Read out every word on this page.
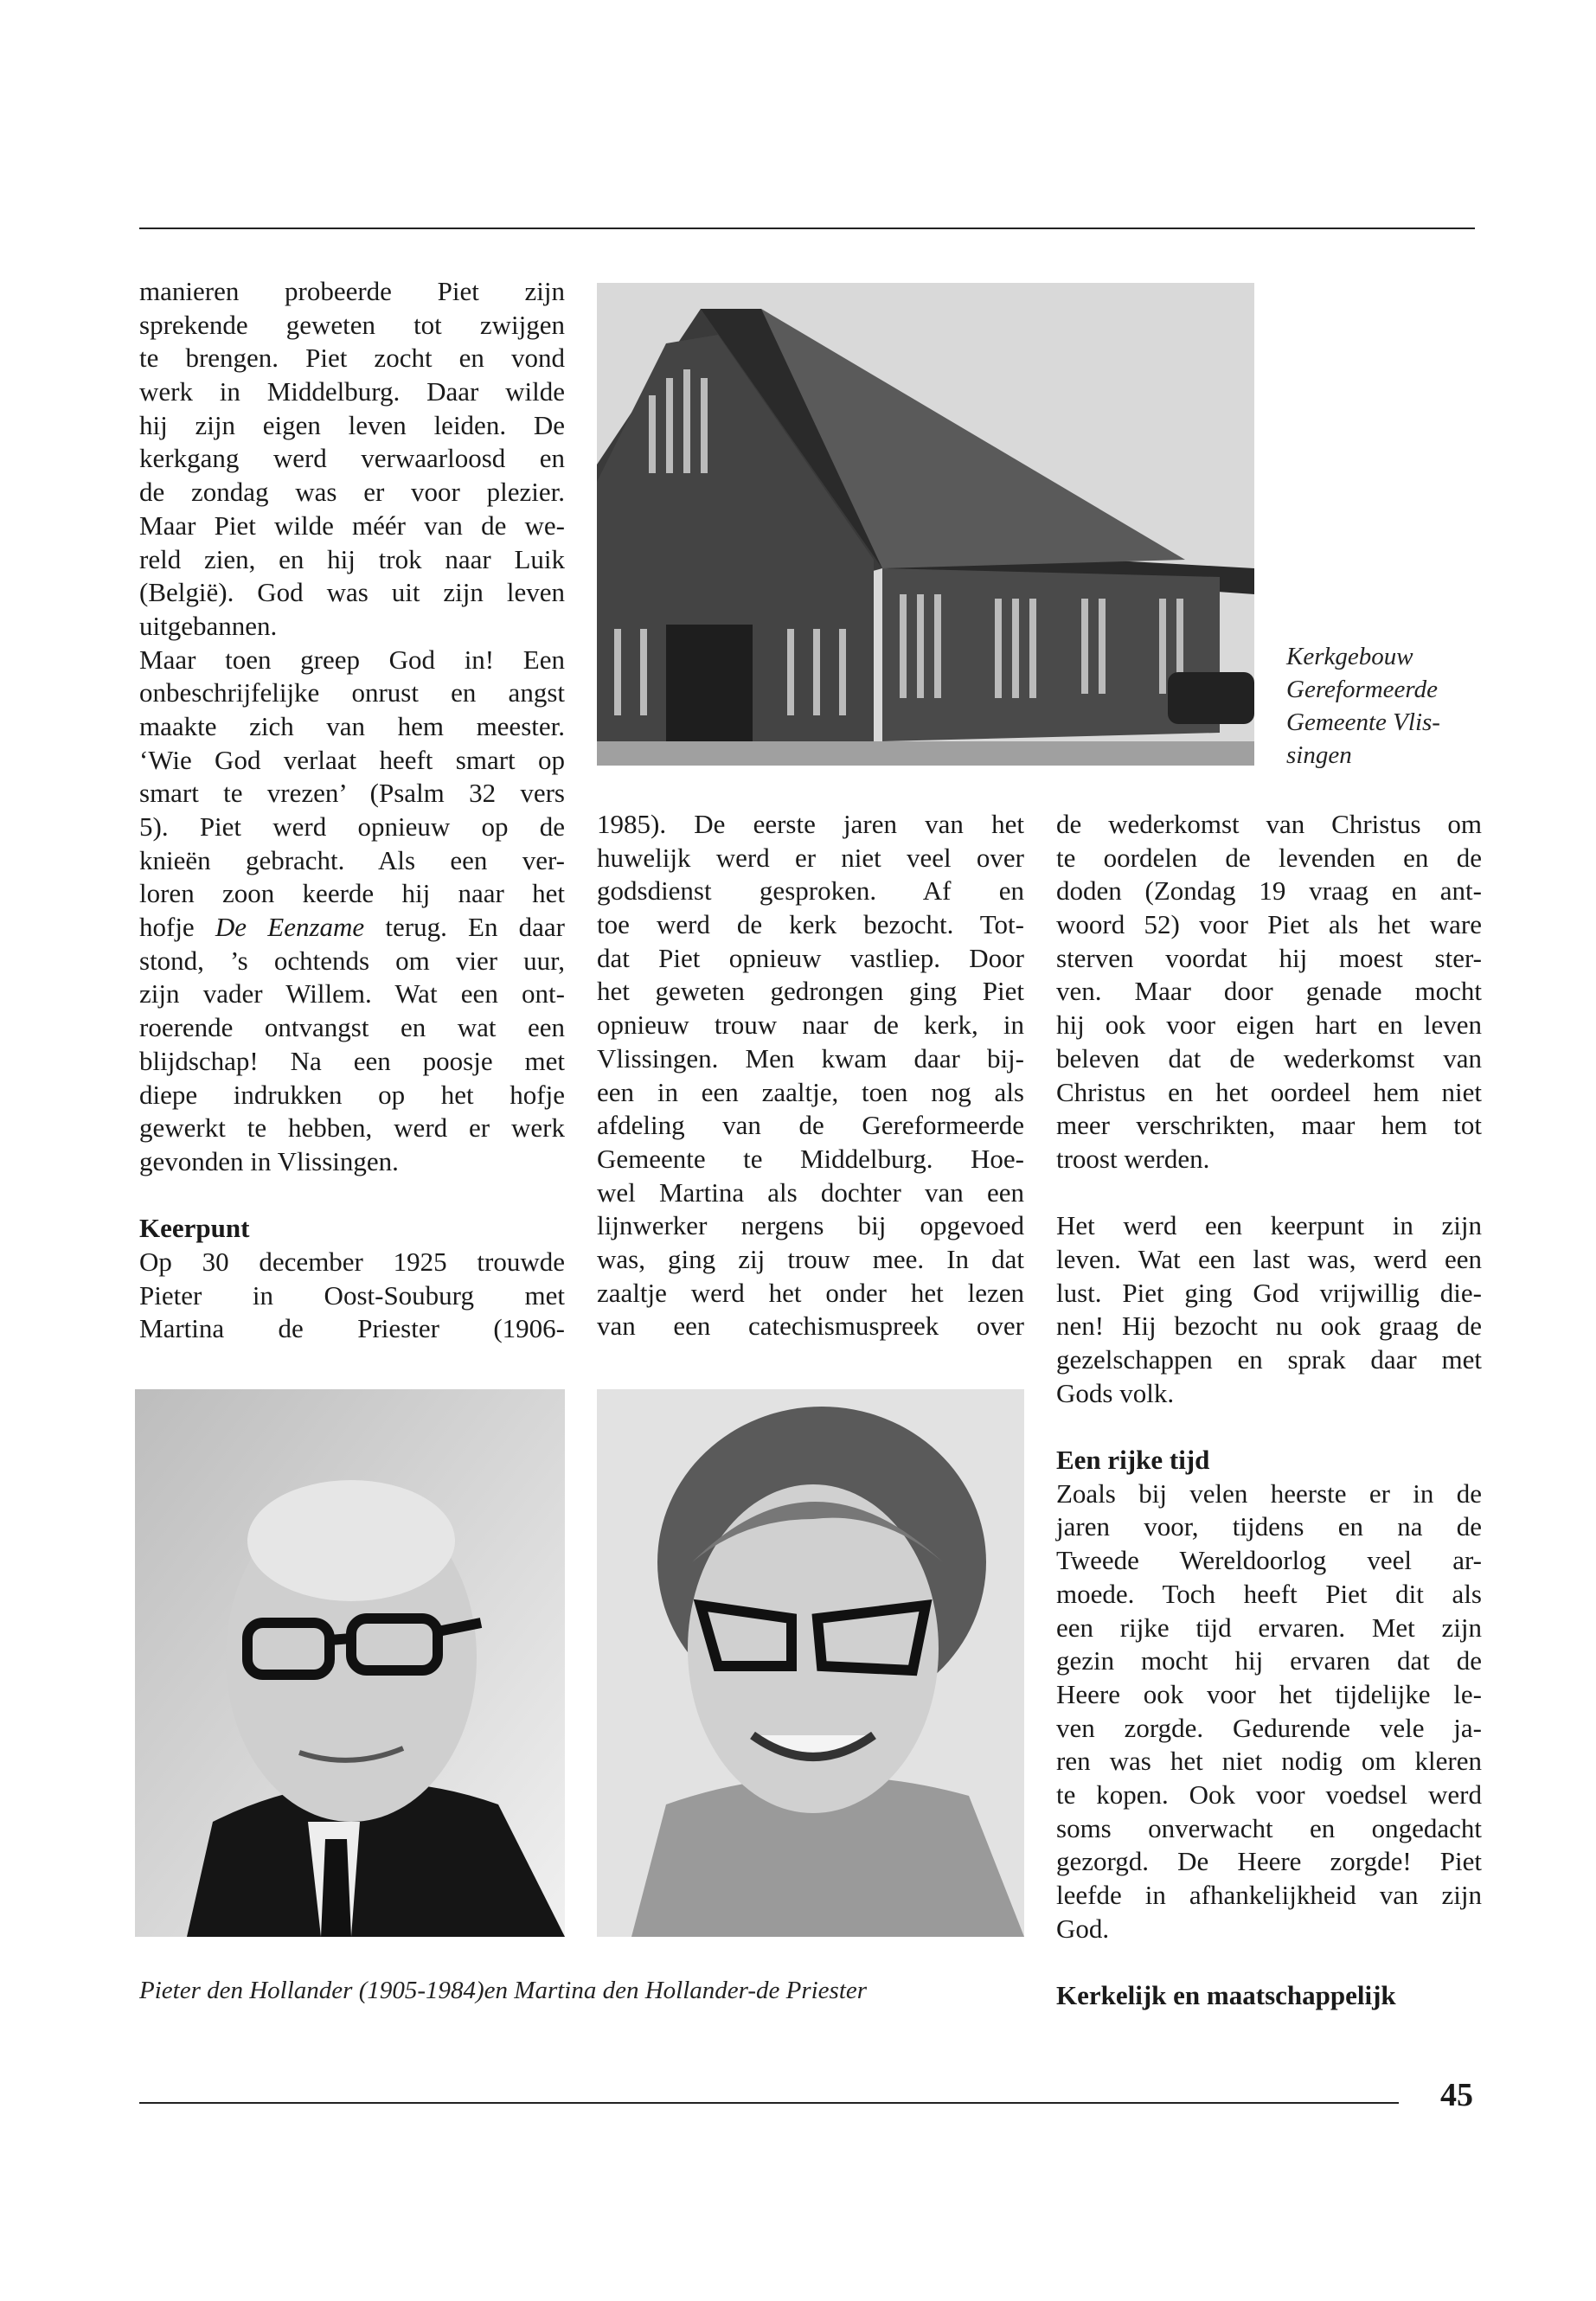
manieren probeerde Piet zijn
sprekende geweten tot zwijgen
te brengen. Piet zocht en vond
werk in Middelburg. Daar wilde
hij zijn eigen leven leiden. De
kerkgang werd verwaarloosd en
de zondag was er voor plezier.
Maar Piet wilde méér van de we-
reld zien, en hij trok naar Luik
(België). God was uit zijn leven
uitgebannen.
Maar toen greep God in! Een
onbeschrijfelijke onrust en angst
maakte zich van hem meester.
‘Wie God verlaat heeft smart op
smart te vrezen’ (Psalm 32 vers
5). Piet werd opnieuw op de
knieën gebracht. Als een ver-
loren zoon keerde hij naar het
hofje De Eenzame terug. En daar
stond, ’s ochtends om vier uur,
zijn vader Willem. Wat een ont-
roerende ontvangst en wat een
blijdschap! Na een poosje met
diepe indrukken op het hofje
gewerkt te hebben, werd er werk
gevonden in Vlissingen.
Keerpunt
Op 30 december 1925 trouwde
Pieter in Oost-Souburg met
Martina de Priester (1906-
1985). De eerste jaren van het
huwelijk werd er niet veel over
godsdienst gesproken. Af en
toe werd de kerk bezocht. Tot-
dat Piet opnieuw vastliep. Door
het geweten gedrongen ging Piet
opnieuw trouw naar de kerk, in
Vlissingen. Men kwam daar bij-
een in een zaaltje, toen nog als
afdeling van de Gereformeerde
Gemeente te Middelburg. Hoe-
wel Martina als dochter van een
lijnwerker nergens bij opgevoed
was, ging zij trouw mee. In dat
zaaltje werd het onder het lezen
van een catechismuspreek over
de wederkomst van Christus om
te oordelen de levenden en de
doden (Zondag 19 vraag en ant-
woord 52) voor Piet als het ware
sterven voordat hij moest ster-
ven. Maar door genade mocht
hij ook voor eigen hart en leven
beleven dat de wederkomst van
Christus en het oordeel hem niet
meer verschrikten, maar hem tot
troost werden.
Het werd een keerpunt in zijn
leven. Wat een last was, werd een
lust. Piet ging God vrijwillig die-
nen! Hij bezocht nu ook graag de
gezelschappen en sprak daar met
Gods volk.
Een rijke tijd
Zoals bij velen heerste er in de
jaren voor, tijdens en na de
Tweede Wereldoorlog veel ar-
moede. Toch heeft Piet dit als
een rijke tijd ervaren. Met zijn
gezin mocht hij ervaren dat de
Heere ook voor het tijdelijke le-
ven zorgde. Gedurende vele ja-
ren was het niet nodig om kleren
te kopen. Ook voor voedsel werd
soms onverwacht en ongedacht
gezorgd. De Heere zorgde! Piet
leefde in afhankelijkheid van zijn
God.
Kerkelijk en maatschappelijk
Kerkgebouw
Gereformeerde
Gemeente Vlis-
singen
Pieter den Hollander (1905-1984)en Martina den Hollander-de Priester
45
